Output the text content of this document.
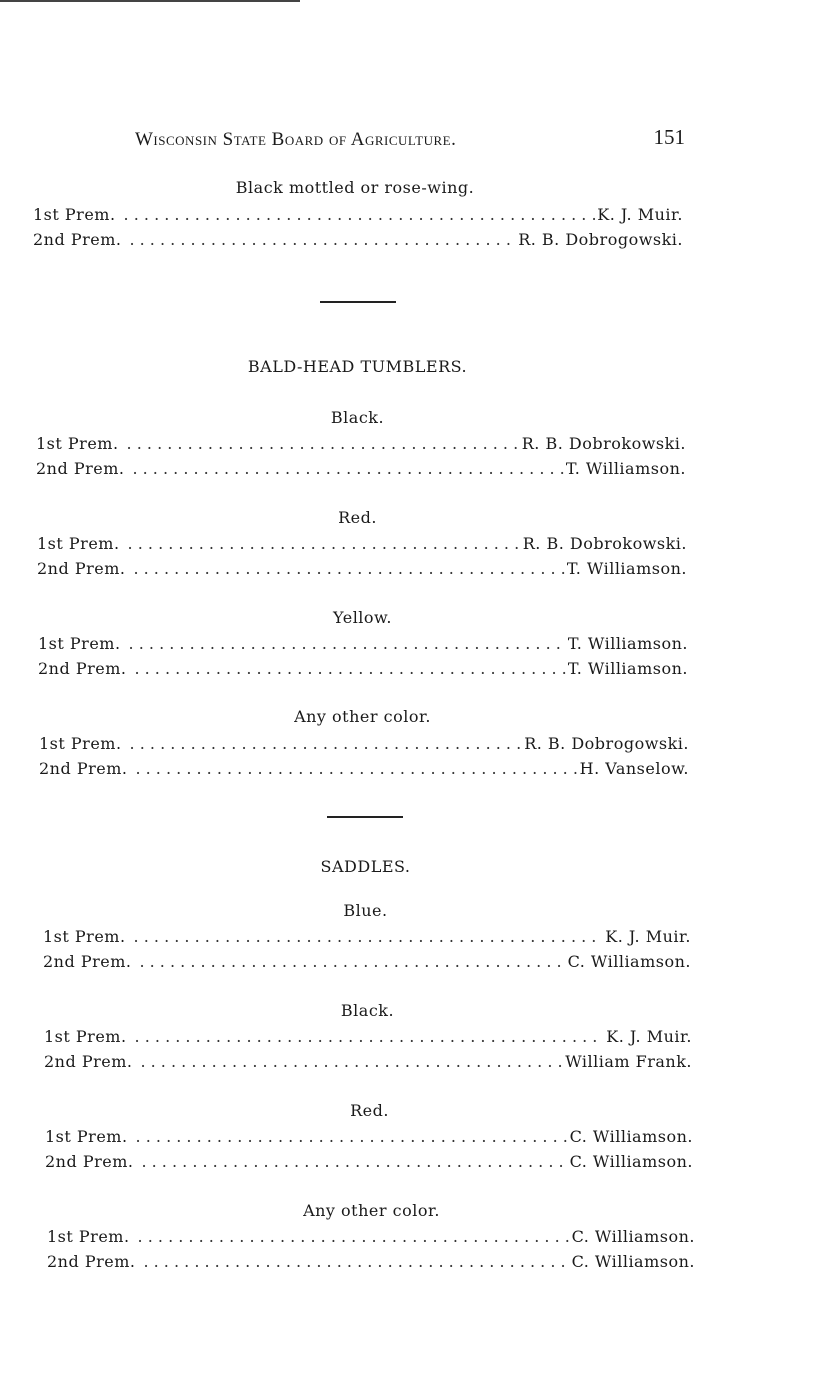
Wisconsin State Board of Agriculture.	151
Black mottled or rose-wing.
1st Prem. . . .	K. J. Muir.
2nd Prem. . . .	R. B. Dobrogowski.
BALD-HEAD TUMBLERS.
Black.
1st Prem. . . .	R. B. Dobrokowski.
2nd Prem. . . .	T. Williamson.
Red.
1st Prem. . . .	R. B. Dobrokowski.
2nd Prem. . . .	T. Williamson.
Yellow.
1st Prem. . . .	T. Williamson.
2nd Prem. . . .	T. Williamson.
Any other color.
1st Prem. . . .	R. B. Dobrogowski.
2nd Prem. . . .	H. Vanselow.
SADDLES.
Blue.
1st Prem. . . .	K. J. Muir.
2nd Prem. . . .	C. Williamson.
Black.
1st Prem. . . .	K. J. Muir.
2nd Prem. . . .	William Frank.
Red.
1st Prem. . . .	C. Williamson.
2nd Prem. . . .	C. Williamson.
Any other color.
1st Prem. . . .	C. Williamson.
2nd Prem. . . .	C. Williamson.
